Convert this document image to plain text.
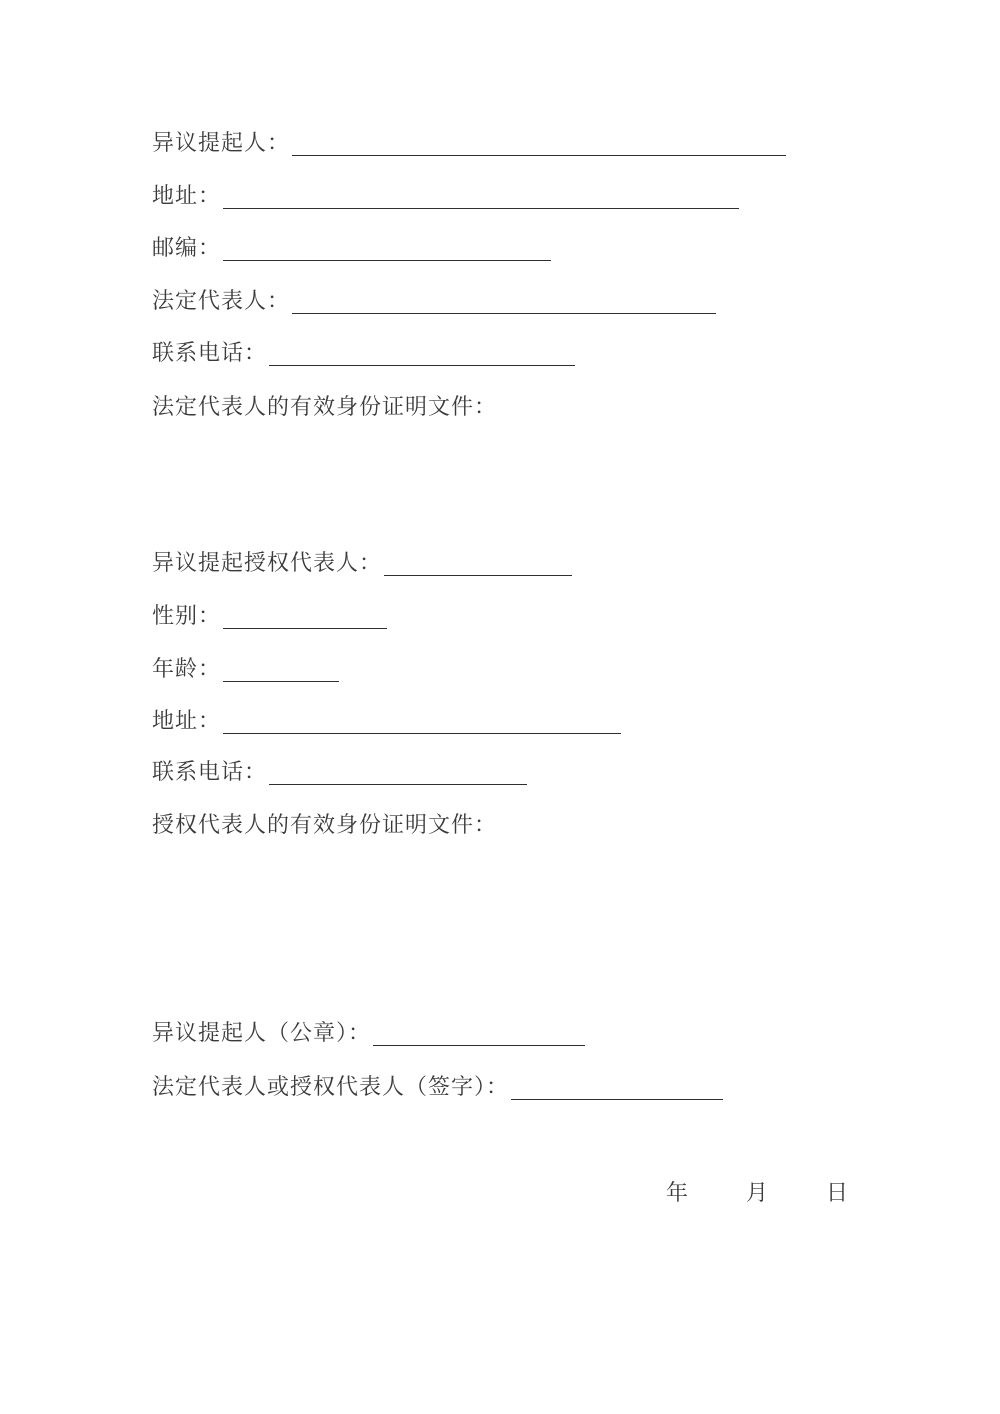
异议提起人：
地址：
邮编：
法定代表人：
联系电话：
法定代表人的有效身份证明文件：
异议提起授权代表人：
性别：
年龄：
地址：
联系电话：
授权代表人的有效身份证明文件：
异议提起人（公章）：
法定代表人或授权代表人（签字）：
年	月	日
